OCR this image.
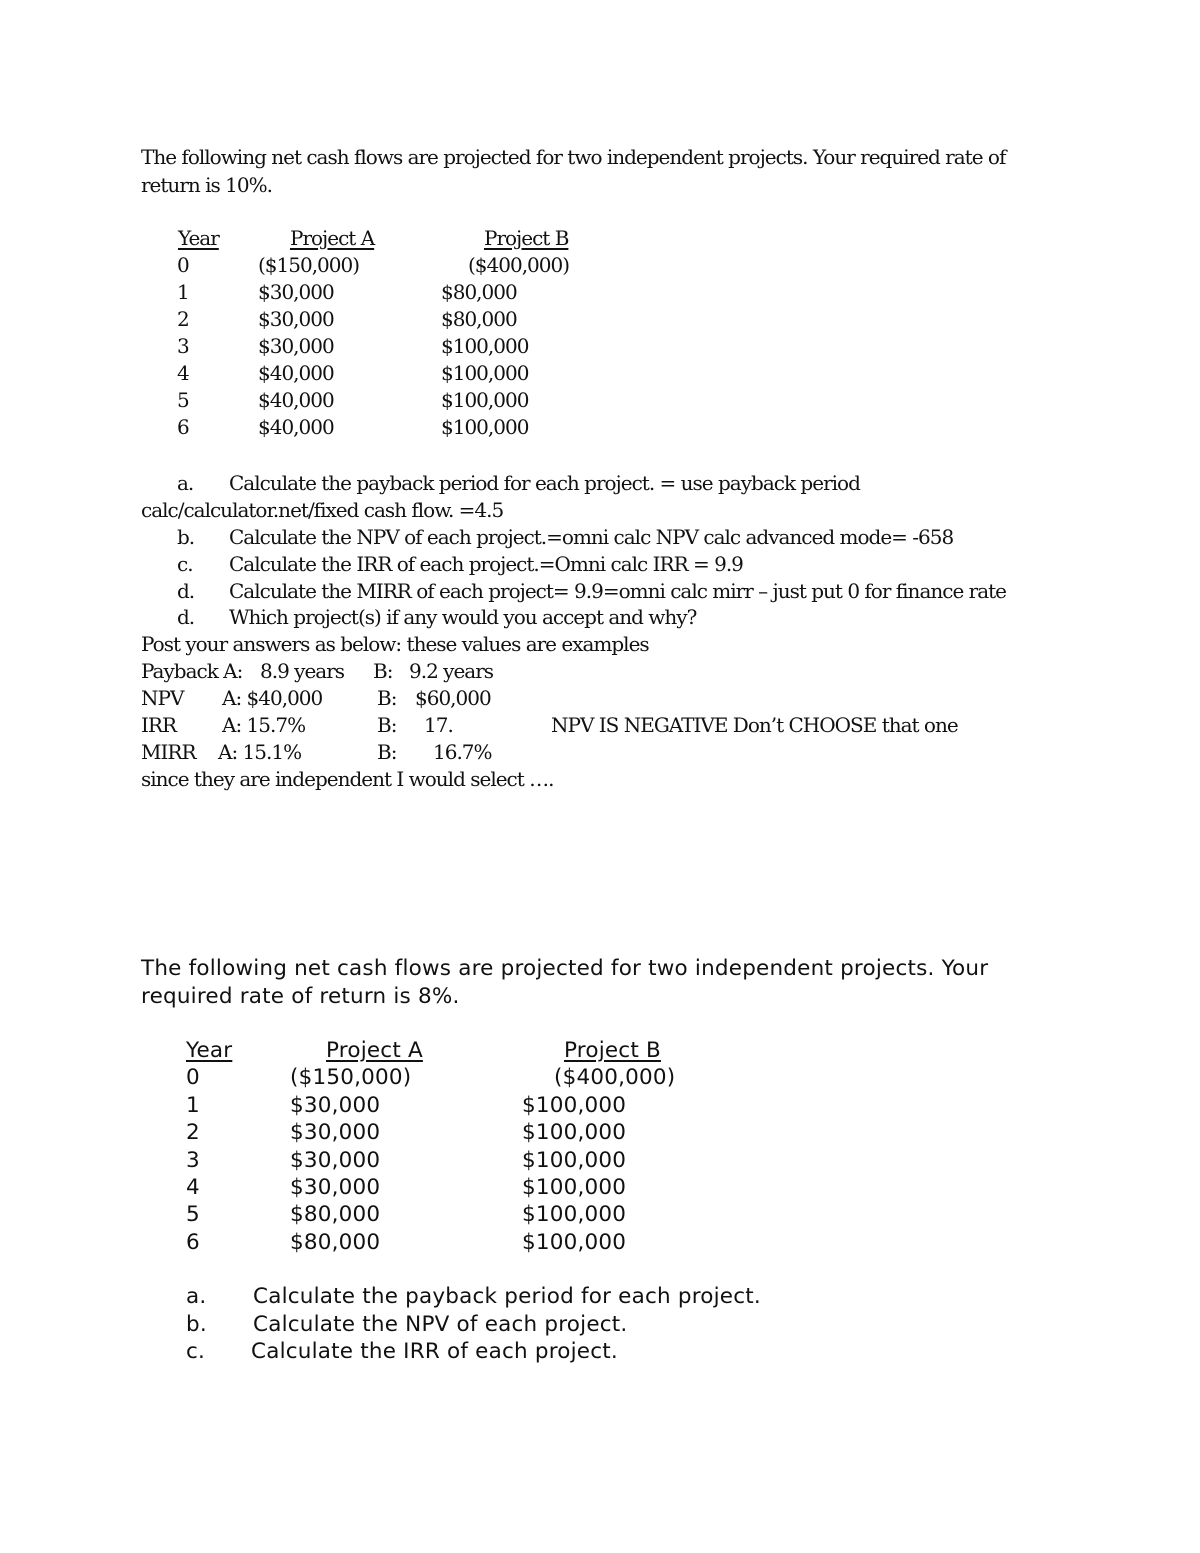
The following net cash flows are projected for two independent projects. Your required rate of
return is 10%.
Year	Project A	Project B
0	($150,000)	($400,000)
1	$30,000	$80,000
2	$30,000	$80,000
3	$30,000	$100,000
4	$40,000	$100,000
5	$40,000	$100,000
6	$40,000	$100,000
a. Calculate the payback period for each project. = use payback period
calc/calculator.net/fixed cash flow. =4.5
b. Calculate the NPV of each project.=omni calc NPV calc advanced mode= -658
c. Calculate the IRR of each project.=Omni calc IRR = 9.9
d. Calculate the MIRR of each project= 9.9=omni calc mirr – just put 0 for finance rate
d. Which project(s) if any would you accept and why?
Post your answers as below: these values are examples
Payback A: 8.9 years B: 9.2 years
NPV A: $40,000	B: $60,000
IRR A: 15.7%	B: 17.	NPV IS NEGATIVE Don’t CHOOSE that one
MIRR A: 15.1%	B: 16.7%
since they are independent I would select ….
The following net cash flows are projected for two independent projects. Your
required rate of return is 8%.
Year	Project A	Project B
0	($150,000)	($400,000)
1	$30,000	$100,000
2	$30,000	$100,000
3	$30,000	$100,000
4	$30,000	$100,000
5	$80,000	$100,000
6	$80,000	$100,000
a. Calculate the payback period for each project.
b. Calculate the NPV of each project.
c. Calculate the IRR of each project.
